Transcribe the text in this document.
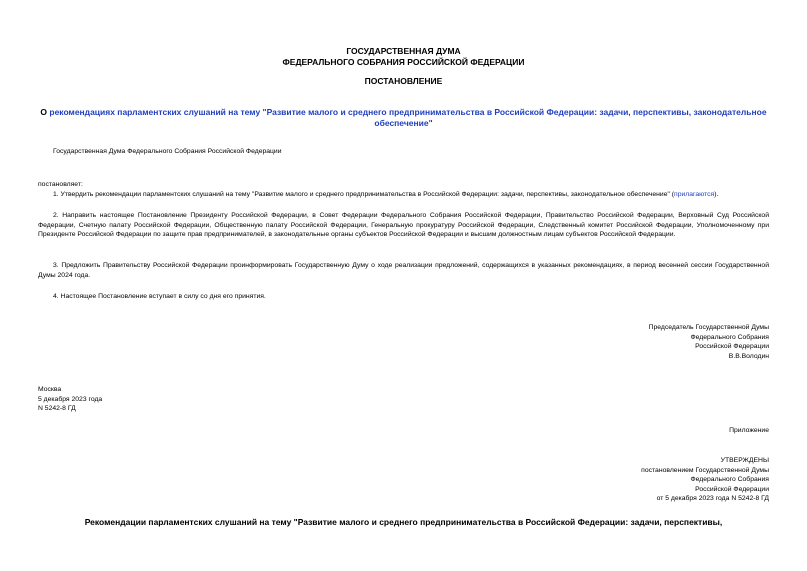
ГОСУДАРСТВЕННАЯ ДУМА
ФЕДЕРАЛЬНОГО СОБРАНИЯ РОССИЙСКОЙ ФЕДЕРАЦИИ
ПОСТАНОВЛЕНИЕ
О рекомендациях парламентских слушаний на тему "Развитие малого и среднего предпринимательства в Российской Федерации: задачи, перспективы, законодательное обеспечение"
Государственная Дума Федерального Собрания Российской Федерации
постановляет:
1. Утвердить рекомендации парламентских слушаний на тему "Развитие малого и среднего предпринимательства в Российской Федерации: задачи, перспективы, законодательное обеспечение" (прилагаются).
2. Направить настоящее Постановление Президенту Российской Федерации, в Совет Федерации Федерального Собрания Российской Федерации, Правительство Российской Федерации, Верховный Суд Российской Федерации, Счетную палату Российской Федерации, Общественную палату Российской Федерации, Генеральную прокуратуру Российской Федерации, Следственный комитет Российской Федерации, Уполномоченному при Президенте Российской Федерации по защите прав предпринимателей, в законодательные органы субъектов Российской Федерации и высшим должностным лицам субъектов Российской Федерации.
3. Предложить Правительству Российской Федерации проинформировать Государственную Думу о ходе реализации предложений, содержащихся в указанных рекомендациях, в период весенней сессии Государственной Думы 2024 года.
4. Настоящее Постановление вступает в силу со дня его принятия.
Председатель Государственной Думы
Федерального Собрания
Российской Федерации
В.В.Володин
Москва
5 декабря 2023 года
N 5242-8 ГД
Приложение
УТВЕРЖДЕНЫ
постановлением Государственной Думы
Федерального Собрания
Российской Федерации
от 5 декабря 2023 года N 5242-8 ГД
Рекомендации парламентских слушаний на тему "Развитие малого и среднего предпринимательства в Российской Федерации: задачи, перспективы,
